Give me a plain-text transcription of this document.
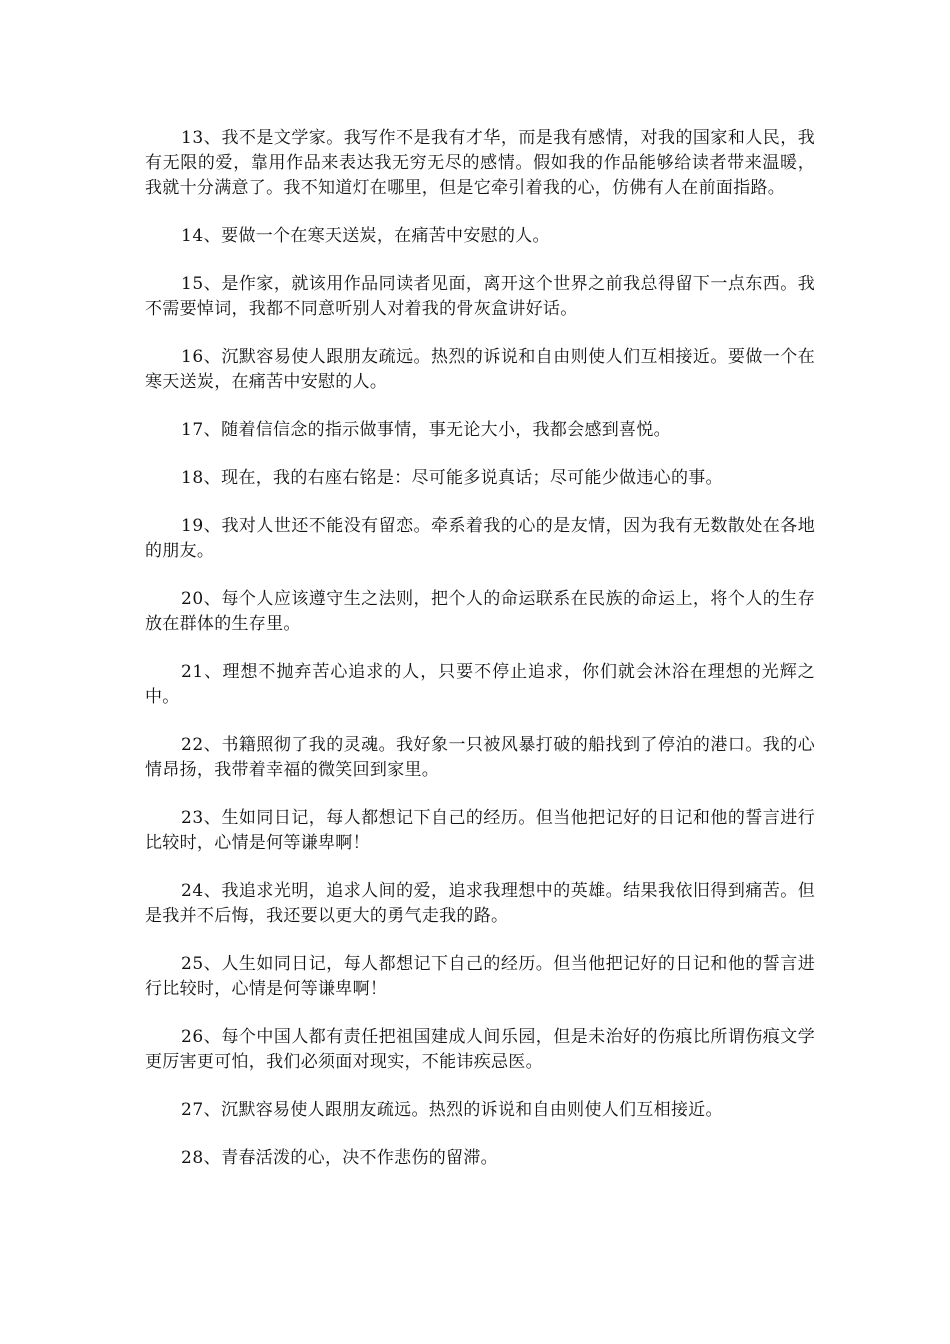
13、我不是文学家。我写作不是我有才华，而是我有感情，对我的国家和人民，我有无限的爱，靠用作品来表达我无穷无尽的感情。假如我的作品能够给读者带来温暖，我就十分满意了。我不知道灯在哪里，但是它牵引着我的心，仿佛有人在前面指路。

14、要做一个在寒天送炭，在痛苦中安慰的人。

15、是作家，就该用作品同读者见面，离开这个世界之前我总得留下一点东西。我不需要悼词，我都不同意听别人对着我的骨灰盒讲好话。

16、沉默容易使人跟朋友疏远。热烈的诉说和自由则使人们互相接近。要做一个在寒天送炭，在痛苦中安慰的人。

17、随着信信念的指示做事情，事无论大小，我都会感到喜悦。

18、现在，我的右座右铭是：尽可能多说真话；尽可能少做违心的事。

19、我对人世还不能没有留恋。牵系着我的心的是友情，因为我有无数散处在各地的朋友。

20、每个人应该遵守生之法则，把个人的命运联系在民族的命运上，将个人的生存放在群体的生存里。

21、理想不抛弃苦心追求的人，只要不停止追求，你们就会沐浴在理想的光辉之中。

22、书籍照彻了我的灵魂。我好象一只被风暴打破的船找到了停泊的港口。我的心情昂扬，我带着幸福的微笑回到家里。

23、生如同日记，每人都想记下自己的经历。但当他把记好的日记和他的誓言进行比较时，心情是何等谦卑啊！

24、我追求光明，追求人间的爱，追求我理想中的英雄。结果我依旧得到痛苦。但是我并不后悔，我还要以更大的勇气走我的路。

25、人生如同日记，每人都想记下自己的经历。但当他把记好的日记和他的誓言进行比较时，心情是何等谦卑啊！

26、每个中国人都有责任把祖国建成人间乐园，但是未治好的伤痕比所谓伤痕文学更厉害更可怕，我们必须面对现实，不能讳疾忌医。

27、沉默容易使人跟朋友疏远。热烈的诉说和自由则使人们互相接近。

28、青春活泼的心，决不作悲伤的留滞。
